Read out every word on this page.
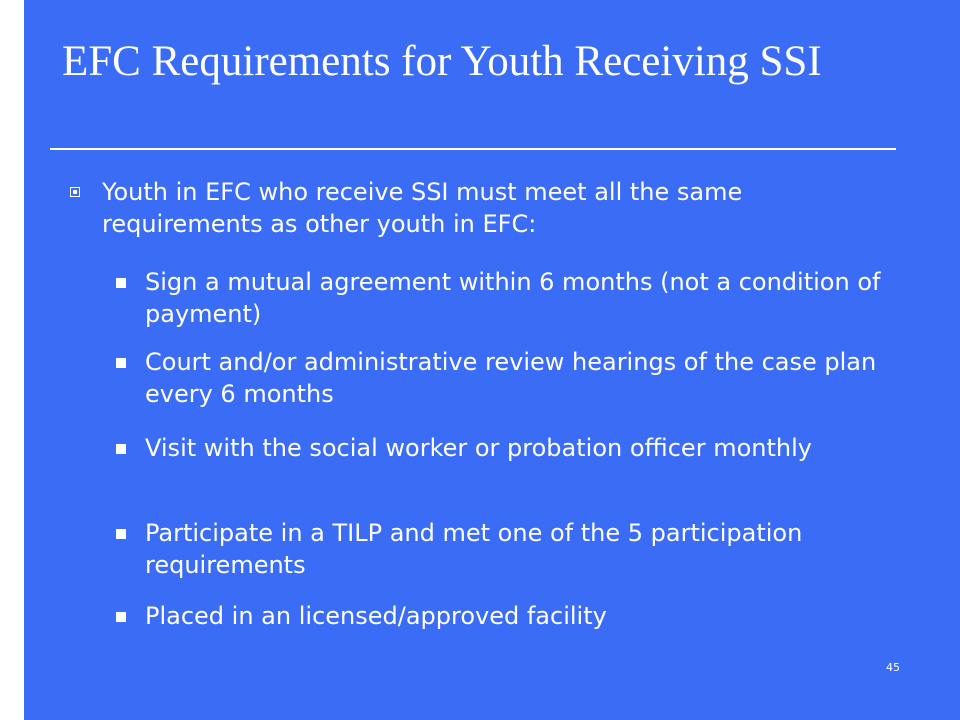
EFC Requirements for Youth Receiving SSI
Youth in EFC who receive SSI must meet all the same requirements as other youth in EFC:
Sign a mutual agreement within 6 months (not a condition of payment)
Court and/or administrative review hearings of the case plan every 6 months
Visit with the social worker or probation officer monthly
Participate in a TILP and met one of the 5 participation requirements
Placed in an licensed/approved facility
45
